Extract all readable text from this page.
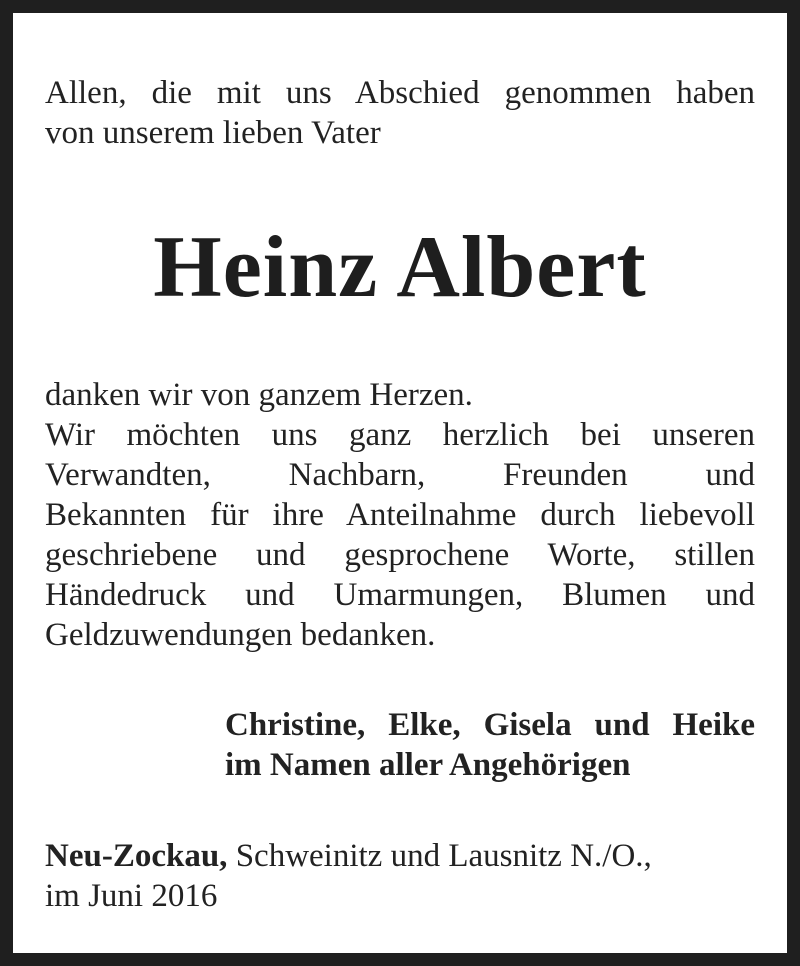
Allen, die mit uns Abschied genommen haben
von unserem lieben Vater

Heinz Albert
danken wir von ganzem Herzen.
Wir möchten uns ganz herzlich bei unseren
Verwandten, Nachbarn, Freunden und
Bekannten für ihre Anteilnahme durch liebevoll
geschriebene und gesprochene Worte, stillen
Händedruck und Umarmungen, Blumen und
Geldzuwendungen bedanken.
Christine, Elke, Gisela und Heike
im Namen aller Angehörigen
Neu-Zockau, Schweinitz und Lausnitz N./O.,
im Juni 2016
